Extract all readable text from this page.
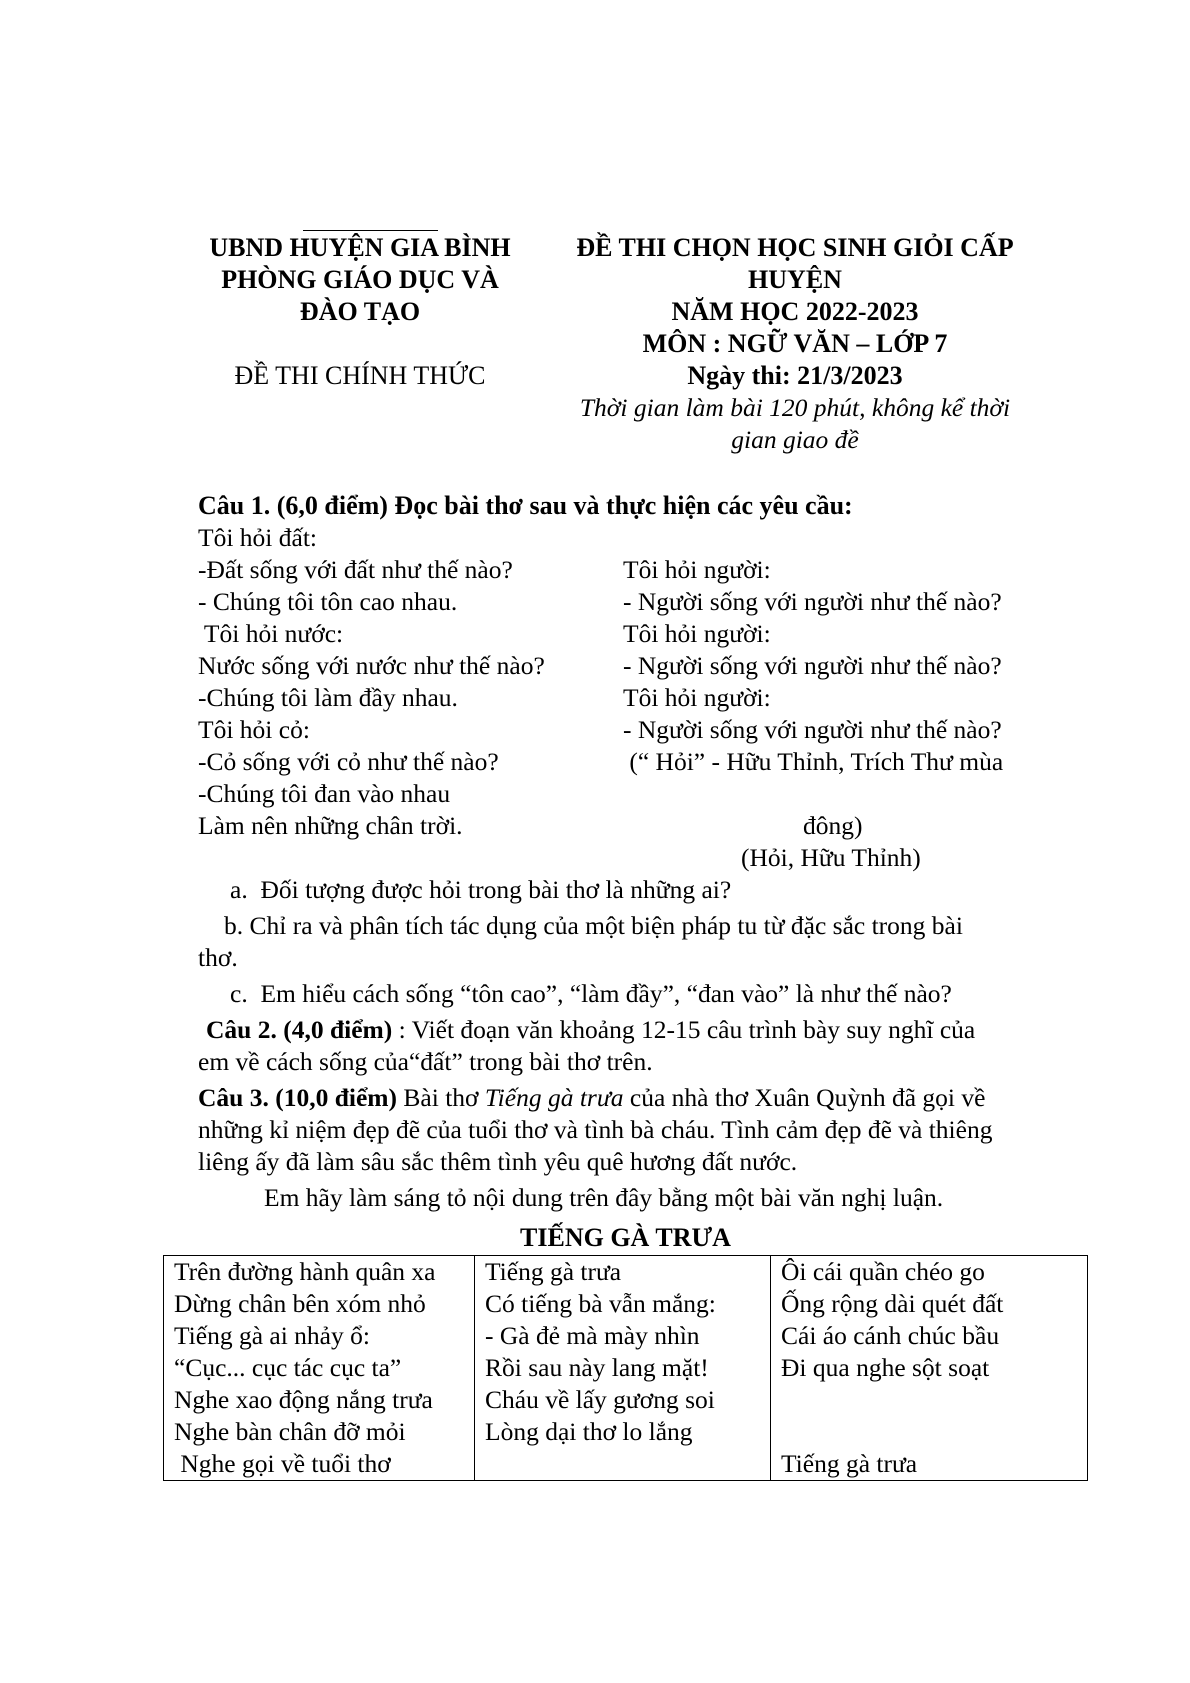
UBND HUYỆN GIA BÌNH
PHÒNG GIÁO DỤC VÀ
ĐÀO TẠO
ĐỀ THI CHÍNH THỨC
ĐỀ THI CHỌN HỌC SINH GIỎI CẤP
HUYỆN
NĂM HỌC 2022-2023
MÔN : NGỮ VĂN – LỚP 7
Ngày thi: 21/3/2023
Thời gian làm bài 120 phút, không kể thời
gian giao đề
Câu 1. (6,0 điểm) Đọc bài thơ sau và thực hiện các yêu cầu:
Tôi hỏi đất:
-Đất sống với đất như thế nào?
- Chúng tôi tôn cao nhau.
Tôi hỏi nước:
Nước sống với nước như thế nào?
-Chúng tôi làm đầy nhau.
Tôi hỏi cỏ:
-Cỏ sống với cỏ như thế nào?
-Chúng tôi đan vào nhau
Làm nên những chân trời.
Tôi hỏi người:
- Người sống với người như thế nào?
Tôi hỏi người:
- Người sống với người như thế nào?
Tôi hỏi người:
- Người sống với người như thế nào?
(“ Hỏi” - Hữu Thỉnh, Trích Thư mùa
đông)
(Hỏi, Hữu Thỉnh)
a.  Đối tượng được hỏi trong bài thơ là những ai?
b. Chỉ ra và phân tích tác dụng của một biện pháp tu từ đặc sắc trong bài
thơ.
c.  Em hiểu cách sống “tôn cao”, “làm đầy”, “đan vào” là như thế nào?
Câu 2. (4,0 điểm) : Viết đoạn văn khoảng 12-15 câu trình bày suy nghĩ của
em về cách sống của“đất” trong bài thơ trên.
Câu 3. (10,0 điểm) Bài thơ Tiếng gà trưa của nhà thơ Xuân Quỳnh đã gọi về
những kỉ niệm đẹp đẽ của tuổi thơ và tình bà cháu. Tình cảm đẹp đẽ và thiêng
liêng ấy đã làm sâu sắc thêm tình yêu quê hương đất nước.
Em hãy làm sáng tỏ nội dung trên đây bằng một bài văn nghị luận.
TIẾNG GÀ TRƯA
Trên đường hành quân xa
Dừng chân bên xóm nhỏ
Tiếng gà ai nhảy ổ:
“Cục... cục tác cục ta”
Nghe xao động nắng trưa
Nghe bàn chân đỡ mỏi
Nghe gọi về tuổi thơ

Tiếng gà trưa
Có tiếng bà vẫn mắng:
- Gà đẻ mà mày nhìn
Rồi sau này lang mặt!
Cháu về lấy gương soi
Lòng dại thơ lo lắng

Ôi cái quần chéo go
Ống rộng dài quét đất
Cái áo cánh chúc bầu
Đi qua nghe sột soạt
Tiếng gà trưa
